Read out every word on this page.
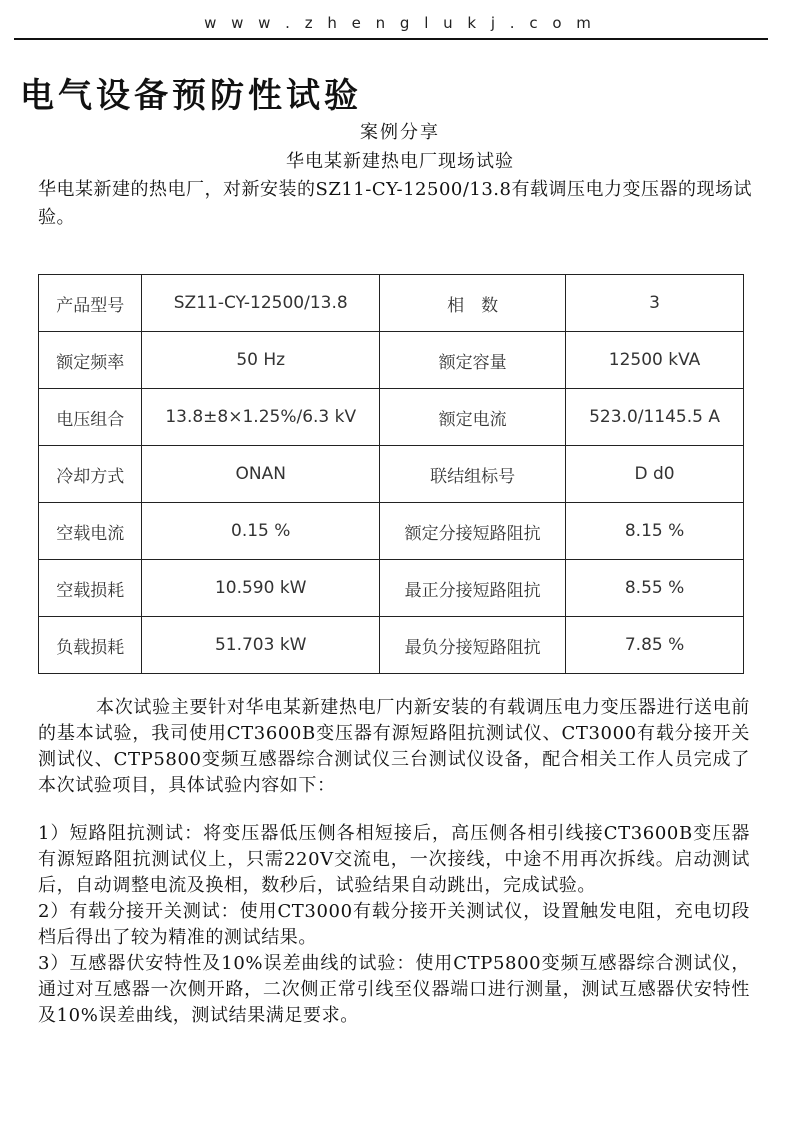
w w w . z h e n g l u k j . c o m
电气设备预防性试验
案例分享
华电某新建热电厂现场试验

华电某新建的热电厂，对新安装的SZ11-CY-12500/13.8有载调压电力变压器的现场试验。

产品型号	SZ11-CY-12500/13.8	相　数	3
额定频率	50 Hz	额定容量	12500 kVA
电压组合	13.8±8×1.25%/6.3 kV	额定电流	523.0/1145.5 A
冷却方式	ONAN	联结组标号	D d0
空载电流	0.15 %	额定分接短路阻抗	8.15 %
空载损耗	10.590 kW	最正分接短路阻抗	8.55 %
负载损耗	51.703 kW	最负分接短路阻抗	7.85 %

本次试验主要针对华电某新建热电厂内新安装的有载调压电力变压器进行送电前的基本试验，我司使用CT3600B变压器有源短路阻抗测试仪、CT3000有载分接开关测试仪、CTP5800变频互感器综合测试仪三台测试仪设备，配合相关工作人员完成了本次试验项目，具体试验内容如下：

1）短路阻抗测试：将变压器低压侧各相短接后，高压侧各相引线接CT3600B变压器有源短路阻抗测试仪上，只需220V交流电，一次接线，中途不用再次拆线。启动测试后，自动调整电流及换相，数秒后，试验结果自动跳出，完成试验。

2）有载分接开关测试：使用CT3000有载分接开关测试仪，设置触发电阻，充电切段档后得出了较为精准的测试结果。

3）互感器伏安特性及10%误差曲线的试验：使用CTP5800变频互感器综合测试仪，通过对互感器一次侧开路，二次侧正常引线至仪器端口进行测量，测试互感器伏安特性及10%误差曲线，测试结果满足要求。
